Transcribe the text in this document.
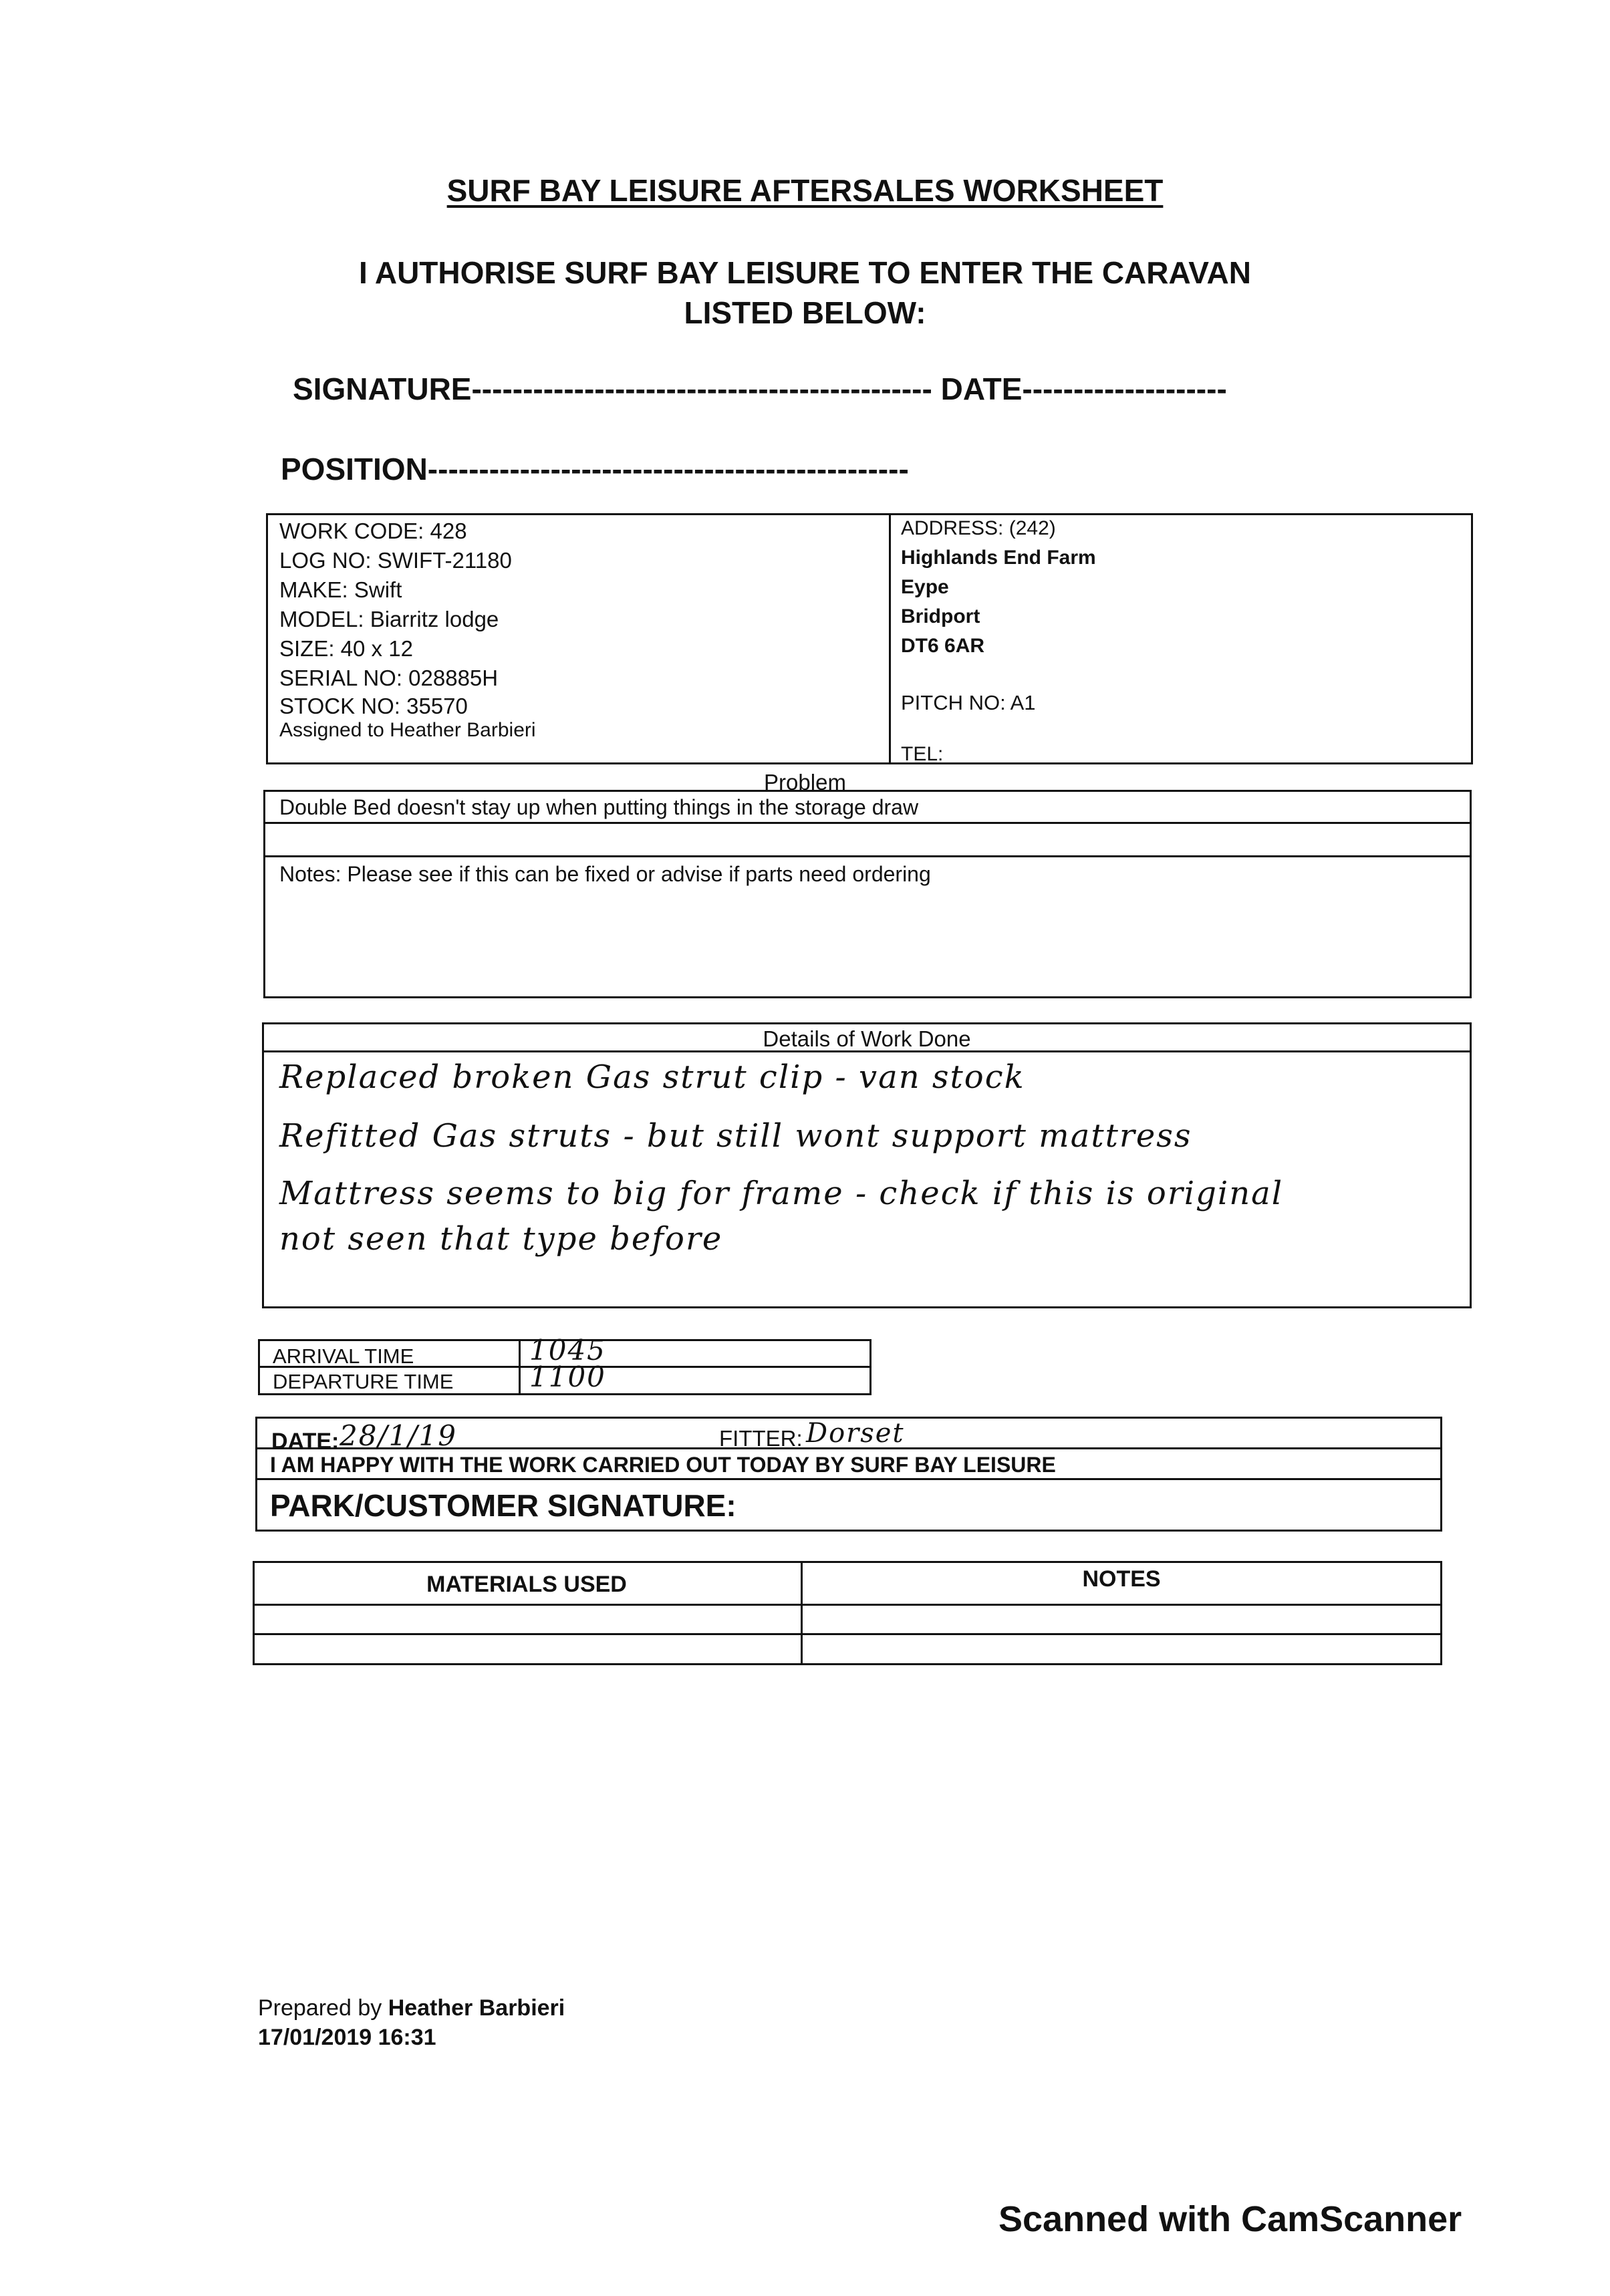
SURF BAY LEISURE AFTERSALES WORKSHEET
I AUTHORISE SURF BAY LEISURE TO ENTER THE CARAVAN
LISTED BELOW:
SIGNATURE--------------------------------------------- DATE--------------------
POSITION-----------------------------------------------
WORK CODE: 428
LOG NO: SWIFT-21180
MAKE: Swift
MODEL: Biarritz lodge
SIZE: 40 x 12
SERIAL NO: 028885H
STOCK NO: 35570
Assigned to Heather Barbieri
ADDRESS: (242)
Highlands End Farm
Eype
Bridport
DT6 6AR
PITCH NO: A1
TEL:
Problem
Double Bed doesn't stay up when putting things in the storage draw
Notes: Please see if this can be fixed or advise if parts need ordering
Details of Work Done
Replaced broken Gas strut clip - van stock
Refitted Gas struts - but still wont support mattress
Mattress seems to big for frame - check if this is original
not seen that type before
ARRIVAL TIME
DEPARTURE TIME
1045
1100
DATE: 28/1/19	FITTER: Dorset
I AM HAPPY WITH THE WORK CARRIED OUT TODAY BY SURF BAY LEISURE
PARK/CUSTOMER SIGNATURE:
MATERIALS USED	NOTES
Prepared by Heather Barbieri
17/01/2019 16:31
Scanned with CamScanner
